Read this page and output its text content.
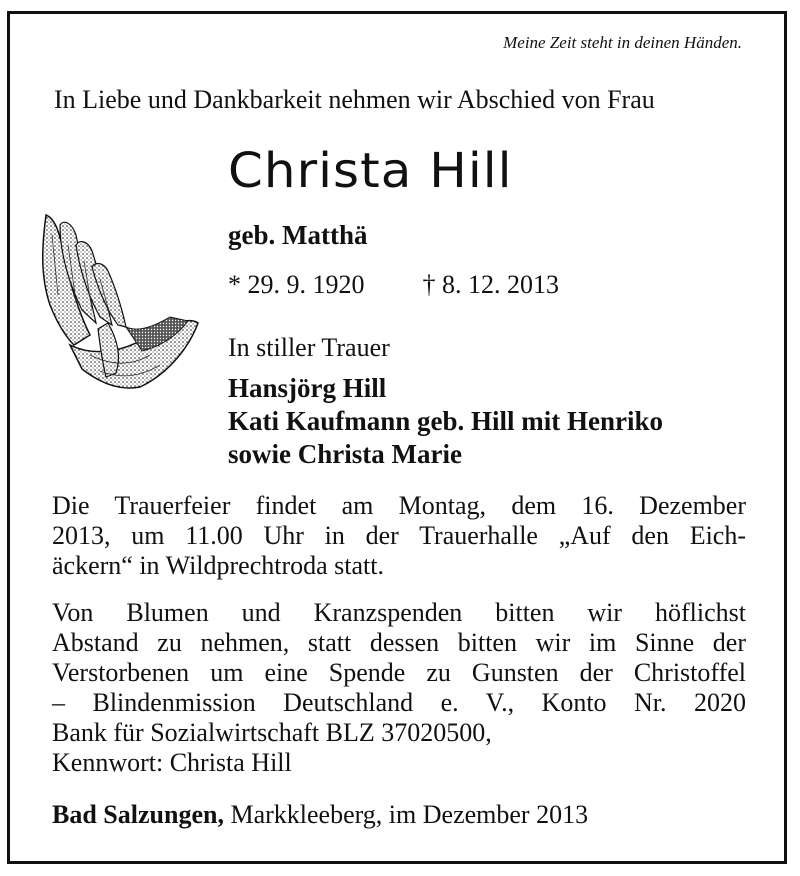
Meine Zeit steht in deinen Händen.
In Liebe und Dankbarkeit nehmen wir Abschied von Frau
Christa Hill
geb. Matthä
* 29. 9. 1920 † 8. 12. 2013
In stiller Trauer
Hansjörg Hill
Kati Kaufmann geb. Hill mit Henriko
sowie Christa Marie
Die Trauerfeier findet am Montag, dem 16. Dezember
2013, um 11.00 Uhr in der Trauerhalle „Auf den Eich-
äckern“ in Wildprechtroda statt.
Von Blumen und Kranzspenden bitten wir höflichst
Abstand zu nehmen, statt dessen bitten wir im Sinne der
Verstorbenen um eine Spende zu Gunsten der Christoffel
– Blindenmission Deutschland e. V., Konto Nr. 2020
Bank für Sozialwirtschaft BLZ 37020500,
Kennwort: Christa Hill
Bad Salzungen, Markkleeberg, im Dezember 2013
